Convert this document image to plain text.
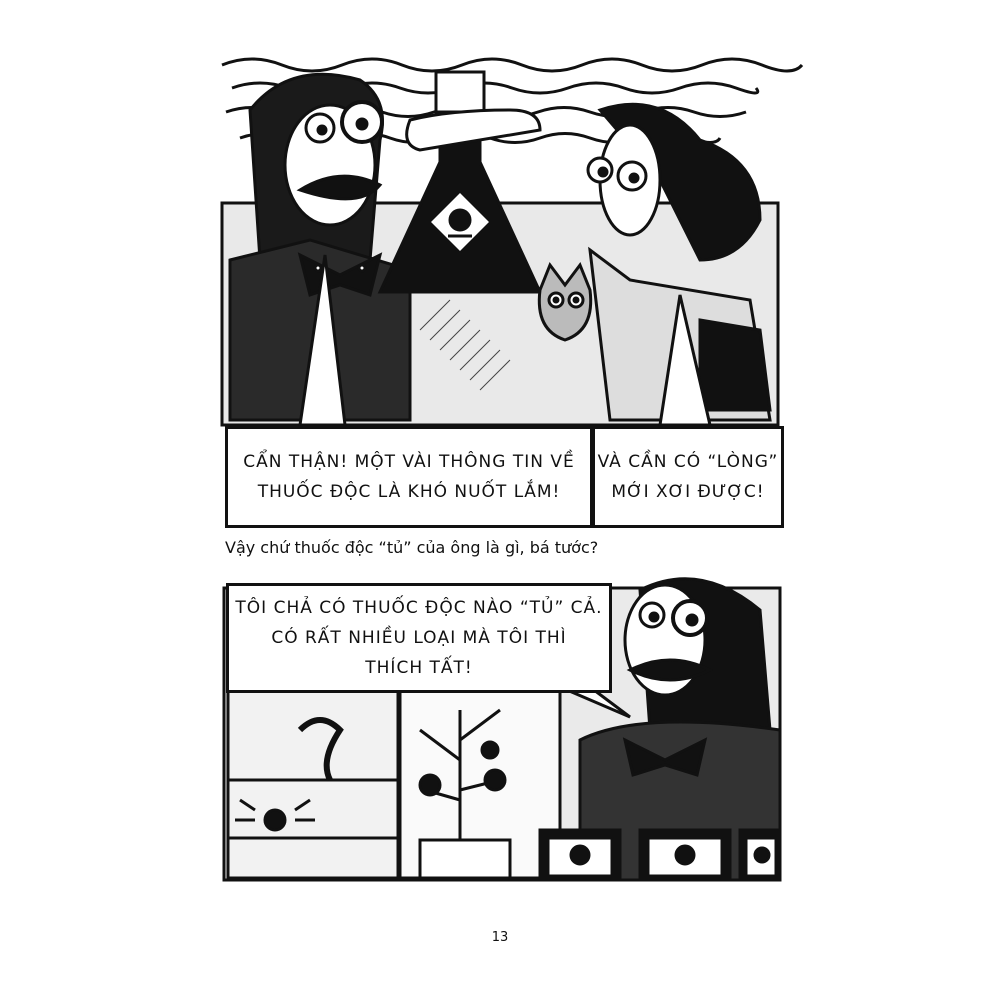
CẨN THẬN! MỘT VÀI THÔNG TIN VỀ
THUỐC ĐỘC LÀ KHÓ NUỐT LẮM!
VÀ CẦN CÓ “LÒNG”
MỚI XƠI ĐƯỢC!
Vậy chứ thuốc độc “tủ” của ông là gì, bá tước?
TÔI CHẢ CÓ THUỐC ĐỘC NÀO “TỦ” CẢ.
CÓ RẤT NHIỀU LOẠI MÀ TÔI THÌ
THÍCH TẤT!
13
